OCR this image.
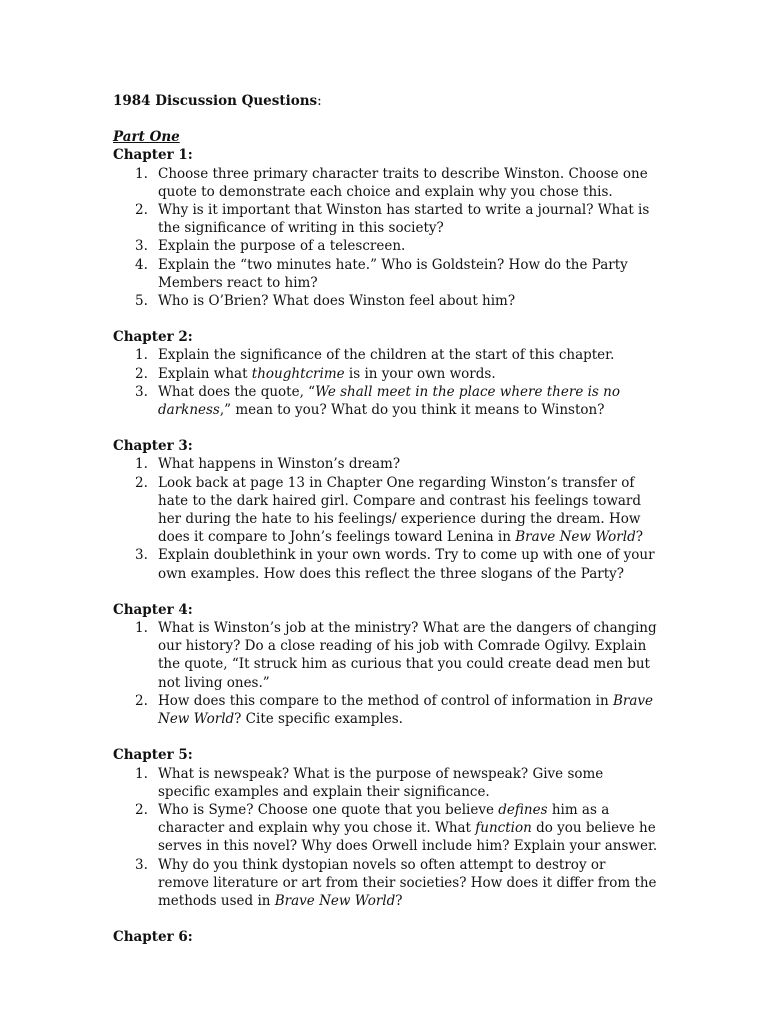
1984 Discussion Questions:
Part One
Chapter 1:
1. Choose three primary character traits to describe Winston. Choose one quote to demonstrate each choice and explain why you chose this.
2. Why is it important that Winston has started to write a journal? What is the significance of writing in this society?
3. Explain the purpose of a telescreen.
4. Explain the “two minutes hate.” Who is Goldstein? How do the Party Members react to him?
5. Who is O’Brien? What does Winston feel about him?
Chapter 2:
1. Explain the significance of the children at the start of this chapter.
2. Explain what thoughtcrime is in your own words.
3. What does the quote, “We shall meet in the place where there is no darkness,” mean to you? What do you think it means to Winston?
Chapter 3:
1. What happens in Winston’s dream?
2. Look back at page 13 in Chapter One regarding Winston’s transfer of hate to the dark haired girl. Compare and contrast his feelings toward her during the hate to his feelings/ experience during the dream. How does it compare to John’s feelings toward Lenina in Brave New World?
3. Explain doublethink in your own words. Try to come up with one of your own examples. How does this reflect the three slogans of the Party?
Chapter 4:
1. What is Winston’s job at the ministry? What are the dangers of changing our history? Do a close reading of his job with Comrade Ogilvy. Explain the quote, “It struck him as curious that you could create dead men but not living ones.”
2. How does this compare to the method of control of information in Brave New World? Cite specific examples.
Chapter 5:
1. What is newspeak? What is the purpose of newspeak? Give some specific examples and explain their significance.
2. Who is Syme? Choose one quote that you believe defines him as a character and explain why you chose it. What function do you believe he serves in this novel? Why does Orwell include him? Explain your answer.
3. Why do you think dystopian novels so often attempt to destroy or remove literature or art from their societies? How does it differ from the methods used in Brave New World?
Chapter 6:
